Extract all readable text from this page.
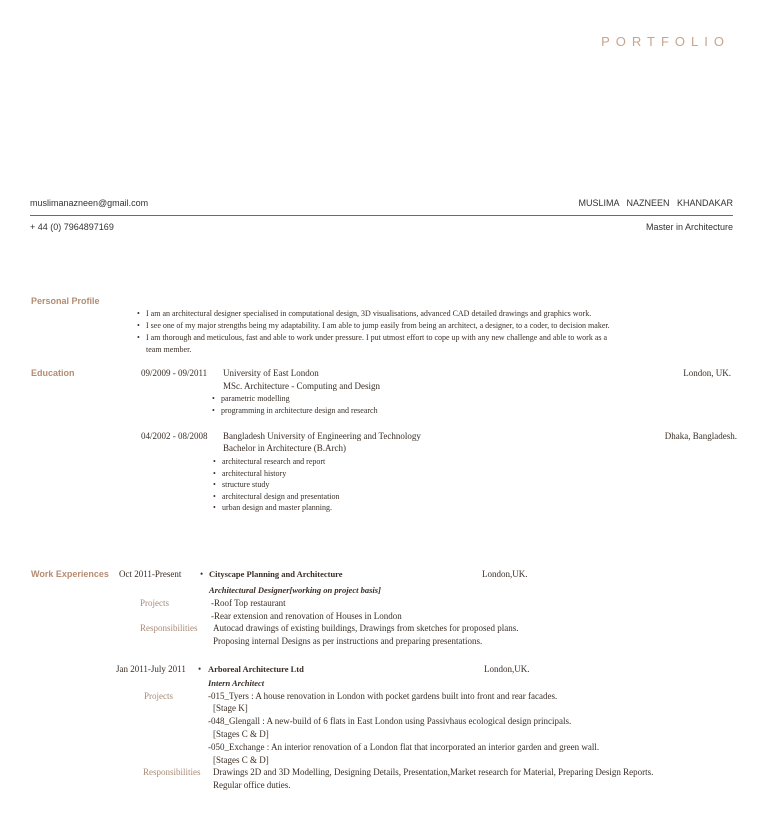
PORTFOLIO
muslimanazneen@gmail.com	MUSLIMA   NAZNEEN   KHANDAKAR
+ 44 (0) 7964897169	Master in Architecture
Personal Profile
• I am an architectural designer specialised in computational design, 3D visualisations, advanced CAD detailed drawings and graphics work.
• I see one of my major strengths being my adaptability. I am able to jump easily from being an architect, a designer, to a coder, to decision maker.
• I am thorough and meticulous, fast and able to work under pressure. I put utmost effort to cope up with any new challenge and able to work as a
team member.
Education	09/2009 - 09/2011 University of East London	London, UK.
MSc. Architecture - Computing and Design
• parametric modelling
• programming in architecture design and research
04/2002 - 08/2008 Bangladesh University of Engineering and Technology	Dhaka, Bangladesh.
Bachelor in Architecture (B.Arch)
• architectural research and report
• architectural history
• structure study
• architectural design and presentation
• urban design and master planning.
Work Experiences Oct 2011-Present • Cityscape Planning and Architecture	London,UK.
Architectural Designer[working on project basis]
Projects	-Roof Top restaurant
-Rear extension and renovation of Houses in London
Responsibilities Autocad drawings of existing buildings, Drawings from sketches for proposed plans.
Proposing internal Designs as per instructions and preparing presentations.
Jan 2011-July 2011 • Arboreal Architecture Ltd	London,UK.
Intern Architect
Projects	-015_Tyers : A house renovation in London with pocket gardens built into front and rear facades.
[Stage K]
-048_Glengall : A new-build of 6 flats in East London using Passivhaus ecological design principals.
[Stages C & D]
-050_Exchange : An interior renovation of a London flat that incorporated an interior garden and green wall.
[Stages C & D]
Responsibilities Drawings 2D and 3D Modelling, Designing Details, Presentation,Market research for Material, Preparing Design Reports.
Regular office duties.
